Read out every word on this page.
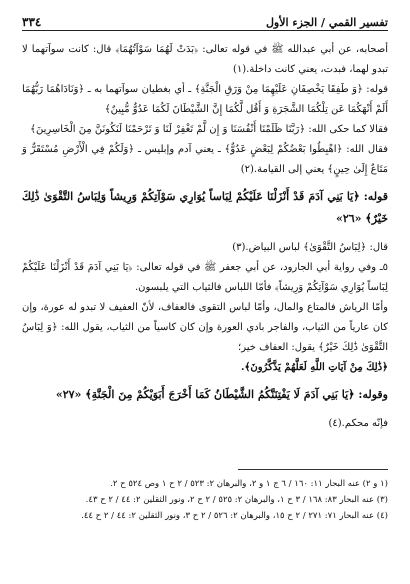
تفسير القمي / الجزء الأول
٣٣٤

أصحابه، عن أبي عبدالله ﷺ في قوله تعالى: ﴿بَدَتْ لَهُمَا سَوْآتُهُمَا﴾ قال: كانت سوآتهما لا تبدو لهما، فبدت، يعني كانت داخلة.(١)

قوله: ﴿وَ طَفِقَا يَخْصِفَانِ عَلَيْهِمَا مِنْ وَرَقِ الْجَنَّةِ﴾ ـ أي بغطيان سوآتهما به ـ ﴿وَنَادَاهُمَا رَبُّهُمَا أَلَمْ أَنْهَكُمَا عَن تِلْكُمَا الشَّجَرَةِ وَ أَقُل لَّكُمَا إِنَّ الشَّيْطَانَ لَكُمَا عَدُوٌّ مُّبِينٌ﴾

فقالا كما حكى الله: ﴿رَبَّنَا ظَلَمْنَا أَنْفُسَنَا وَ إِن لَّمْ تَغْفِرْ لَنَا وَ تَرْحَمْنَا لَنَكُونَنَّ مِنَ الْخَاسِرِينَ﴾

فقال الله: ﴿اهْبِطُوا بَعْضُكُمْ لِبَعْضٍ عَدُوٌّ﴾ ـ يعني آدم وإبليس ـ ﴿وَلَكُمْ فِي الْأَرْضِ مُسْتَقَرٌّ وَ مَتَاعٌ إِلَىٰ حِينٍ﴾ يعني إلى القيامة.(٢)

قوله: ﴿يَا بَنِي آدَمَ قَدْ أَنْزَلْنَا عَلَيْكُمْ لِبَاساً يُوَارِي سَوْآتِكُمْ وَرِيشاً وَلِبَاسُ التَّقْوَىٰ ذَٰلِكَ خَيْرٌ﴾ «٢٦»

قال: ﴿لِبَاسُ التَّقْوَىٰ﴾ لباس البياض.(٣)

٥ـ وفي رواية أبي الجارود، عن أبي جعفر ﷺ في قوله تعالى: ﴿يَا بَنِي آدَمَ قَدْ أَنْزَلْنَا عَلَيْكُمْ لِبَاساً يُوَارِي سَوْآتِكُمْ وَرِيشاً﴾ فأمّا اللباس فالثياب التي يلبسون.

وأمّا الرياش فالمتاع والمال، وأمّا لباس التقوى فالعفاف، لأنّ العفيف لا تبدو له عورة، وإن كان عارياً من الثياب، والفاجر بادي العورة وإن كان كاسياً من الثياب، يقول الله: ﴿وَ لِبَاسُ التَّقْوَىٰ ذَٰلِكَ خَيْرٌ﴾ يقول: العفاف خير؛

﴿ذَٰلِكَ مِنْ آيَاتِ اللَّهِ لَعَلَّهُمْ يَذَّكَّرُونَ﴾.

وقوله: ﴿يَا بَنِي آدَمَ لَا يَفْتِنَنَّكُمُ الشَّيْطَانُ كَمَا أَخْرَجَ أَبَوَيْكُمْ مِنَ الْجَنَّةِ﴾ «٢٧»

فإنّه محكم.(٤)

(١ و ٢) عنه البحار ١١: ١٦٠ / ٦ ج ١ و ٢، والبرهان ٢: ٥٢٣ / ٢ ح ١ وص ٥٢٤ ح ٢.

(٣) عنه البحار ٨٣: ١٦٨ / ٣ ح ١، والبرهان ٢: ٥٢٥ / ٢ ح ٢، ونور الثقلين ٢: ٤٤ / ٢ ح ٤٣.

(٤) عنه البحار ٧١: ٢٧١ / ٢ ح ١٥، والبرهان ٢: ٥٢٦ / ٢ ح ٣، ونور الثقلين ٢: ٤٤ / ٢ ح ٤٤.
